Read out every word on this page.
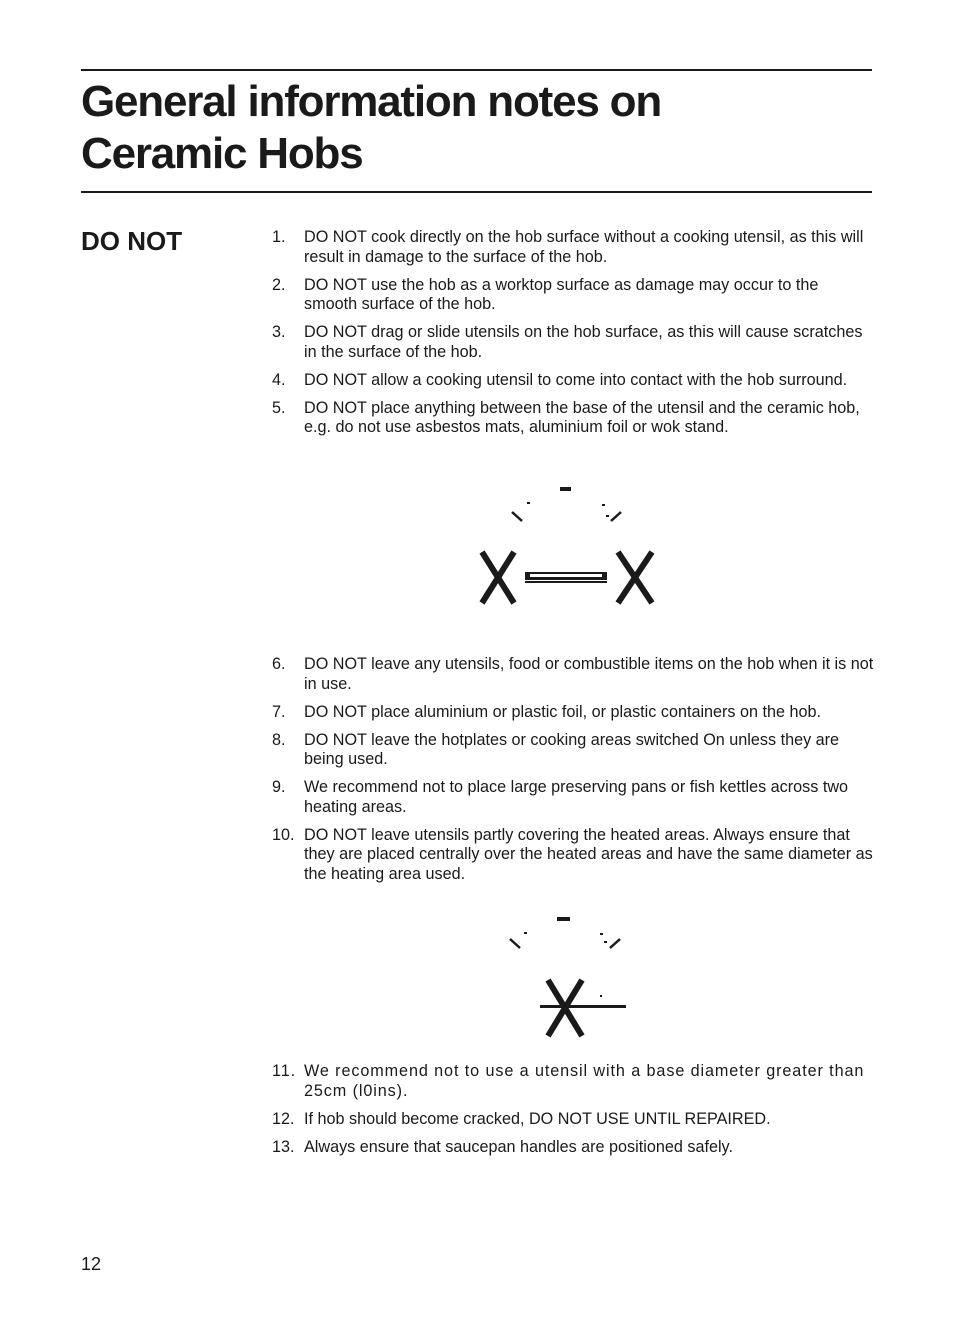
General information notes on
Ceramic Hobs
DO NOT	1. DO NOT cook directly on the hob surface without a cooking utensil, as this will result in damage to the surface of the hob.
2. DO NOT use the hob as a worktop surface as damage may occur to the smooth surface of the hob.
3. DO NOT drag or slide utensils on the hob surface, as this will cause scratches in the surface of the hob.
4. DO NOT allow a cooking utensil to come into contact with the hob surround.
5. DO NOT place anything between the base of the utensil and the ceramic hob, e.g. do not use asbestos mats, aluminium foil or wok stand.
6. DO NOT leave any utensils, food or combustible items on the hob when it is not in use.
7. DO NOT place aluminium or plastic foil, or plastic containers on the hob.
8. DO NOT leave the hotplates or cooking areas switched On unless they are being used.
9. We recommend not to place large preserving pans or fish kettles across two heating areas.
10. DO NOT leave utensils partly covering the heated areas. Always ensure that they are placed centrally over the heated areas and have the same diameter as the heating area used.
11. We recommend not to use a utensil with a base diameter greater than 25cm (l0ins).
12. If hob should become cracked, DO NOT USE UNTIL REPAIRED.
13. Always ensure that saucepan handles are positioned safely.
12
